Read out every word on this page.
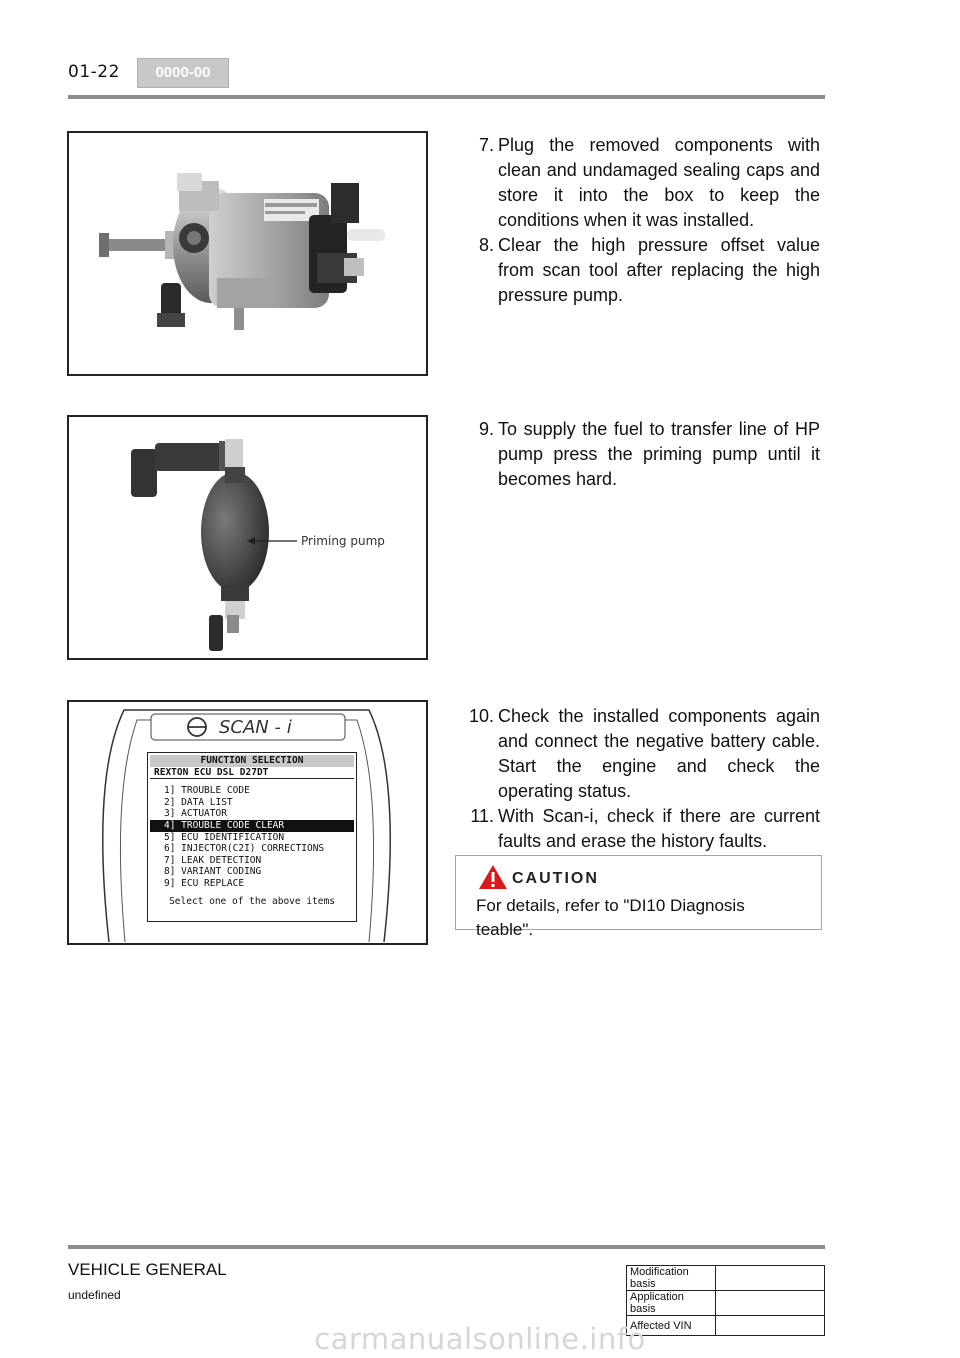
01-22	0000-00
7. Plug the removed components with clean and undamaged sealing caps and store it into the box to keep the conditions when it was installed.
8. Clear the high pressure offset value from scan tool after replacing the high pressure pump.
Priming pump
9. To supply the fuel to transfer line of HP pump press the priming pump until it becomes hard.
SCAN - i
FUNCTION SELECTION
REXTON ECU DSL D27DT
1] TROUBLE CODE
2] DATA LIST
3] ACTUATOR
4] TROUBLE CODE CLEAR
5] ECU IDENTIFICATION
6] INJECTOR(C2I) CORRECTIONS
7] LEAK DETECTION
8] VARIANT CODING
9] ECU REPLACE
Select one of the above items
10. Check the installed components again and connect the negative battery cable. Start the engine and check the operating status.
11. With Scan-i, check if there are current faults and erase the history faults.
CAUTION
For details, refer to "DI10 Diagnosis teable".
VEHICLE GENERAL
undefined
Modification basis	
Application basis	
Affected VIN	
carmanualsonline.info
